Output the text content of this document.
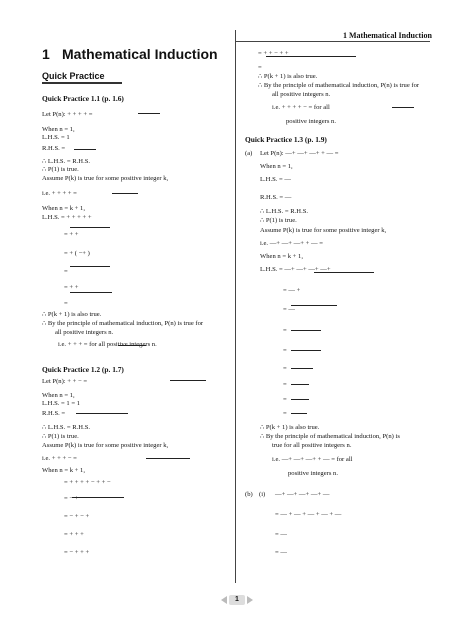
1 Mathematical Induction
1 Mathematical Induction
Quick Practice
Quick Practice 1.1 (p. 1.6)
Let P(n): + + + + =
When n = 1,
L.H.S. = 1
R.H.S. =
∴ L.H.S. = R.H.S.
∴ P(1) is true.
Assume P(k) is true for some positive integer k,
i.e. + + + + =
When n = k + 1,
L.H.S. = + + + + +
= + +
= + ( −+ )
=
= + +
=
∴ P(k + 1) is also true.
∴ By the principle of mathematical induction, P(n) is true for
all positive integers n.
i.e. + + + = for all positive integers n.
Quick Practice 1.2 (p. 1.7)
Let P(n): + + − =
When n = 1,
L.H.S. = 1 = 1
R.H.S. =
∴ L.H.S. = R.H.S.
∴ P(1) is true.
Assume P(k) is true for some positive integer k,
i.e. + + + − =
When n = k + 1,
= + + + + − + + −
= − +
= − + − +
= + + +
= − + + +
= + + − + +
=
∴ P(k + 1) is also true.
∴ By the principle of mathematical induction, P(n) is true for
all positive integers n.
i.e. + + + + − = for all
positive integers n.
Quick Practice 1.3 (p. 1.9)
(a) Let P(n): —+ —+ —+ + — =
When n = 1,
L.H.S. = —
R.H.S. = —
∴ L.H.S. = R.H.S.
∴ P(1) is true.
Assume P(k) is true for some positive integer k,
i.e. —+ —+ —+ + — =
When n = k + 1,
L.H.S. = —+ —+ —+ —+
= — +
= —
=
=
=
=
=
=
∴ P(k + 1) is also true.
∴ By the principle of mathematical induction, P(n) is
true for all positive integers n.
i.e. —+ —+ —+ + — = for all
positive integers n.
(b) (i) —+ —+ —+ —+ —
= — + — + — + — + —
= —
= —
1
